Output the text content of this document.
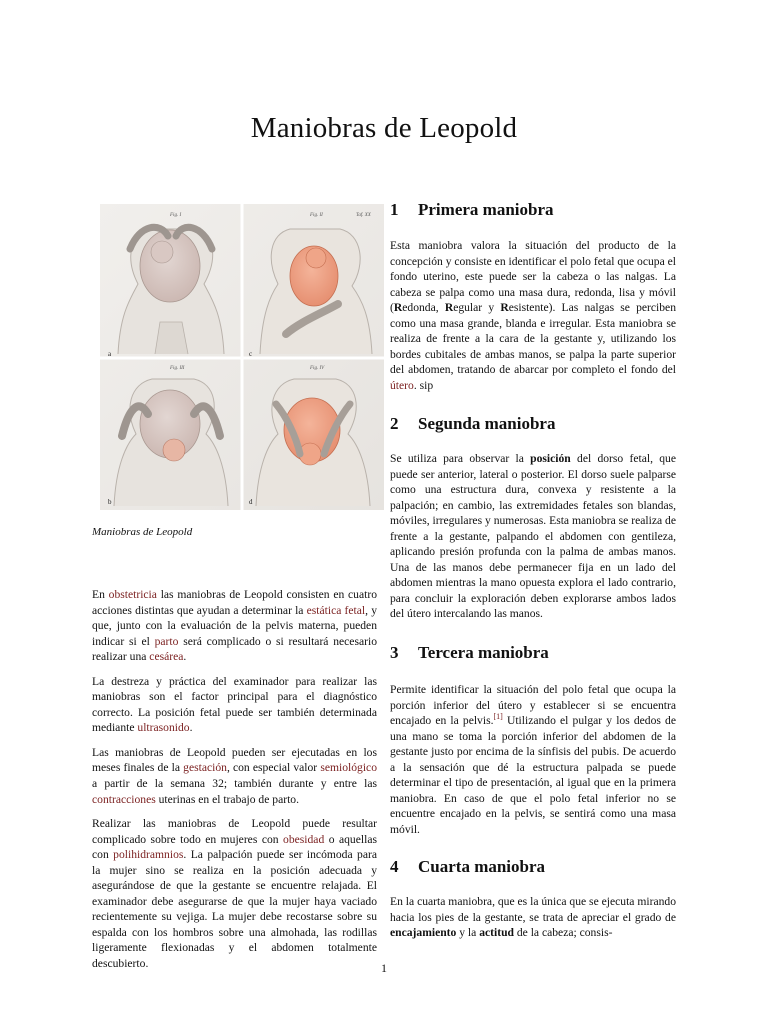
Maniobras de Leopold
a
Fig. I
c
Fig. II	Taf. XX
b
Fig. III
d
Fig. IV
Maniobras de Leopold

En obstetricia las maniobras de Leopold consisten en cuatro acciones distintas que ayudan a determinar la estática fetal, y que, junto con la evaluación de la pelvis materna, pueden indicar si el parto será complicado o si resultará necesario realizar una cesárea.

La destreza y práctica del examinador para realizar las maniobras son el factor principal para el diagnóstico correcto. La posición fetal puede ser también determinada mediante ultrasonido.

Las maniobras de Leopold pueden ser ejecutadas en los meses finales de la gestación, con especial valor semiológico a partir de la semana 32; también durante y entre las contracciones uterinas en el trabajo de parto.

Realizar las maniobras de Leopold puede resultar complicado sobre todo en mujeres con obesidad o aquellas con polihidramnios. La palpación puede ser incómoda para la mujer sino se realiza en la posición adecuada y asegurándose de que la gestante se encuentre relajada. El examinador debe asegurarse de que la mujer haya vaciado recientemente su vejiga. La mujer debe recostarse sobre su espalda con los hombros sobre una almohada, las rodillas ligeramente flexionadas y el abdomen totalmente descubierto.

1 Primera maniobra

Esta maniobra valora la situación del producto de la concepción y consiste en identificar el polo fetal que ocupa el fondo uterino, este puede ser la cabeza o las nalgas. La cabeza se palpa como una masa dura, redonda, lisa y móvil (Redonda, Regular y Resistente). Las nalgas se perciben como una masa grande, blanda e irregular. Esta maniobra se realiza de frente a la cara de la gestante y, utilizando los bordes cubitales de ambas manos, se palpa la parte superior del abdomen, tratando de abarcar por completo el fondo del útero. sip

2 Segunda maniobra

Se utiliza para observar la posición del dorso fetal, que puede ser anterior, lateral o posterior. El dorso suele palparse como una estructura dura, convexa y resistente a la palpación; en cambio, las extremidades fetales son blandas, móviles, irregulares y numerosas. Esta maniobra se realiza de frente a la gestante, palpando el abdomen con gentileza, aplicando presión profunda con la palma de ambas manos. Una de las manos debe permanecer fija en un lado del abdomen mientras la mano opuesta explora el lado contrario, para concluir la exploración deben explorarse ambos lados del útero intercalando las manos.

3 Tercera maniobra

Permite identificar la situación del polo fetal que ocupa la porción inferior del útero y establecer si se encuentra encajado en la pelvis.[1] Utilizando el pulgar y los dedos de una mano se toma la porción inferior del abdomen de la gestante justo por encima de la sínfisis del pubis. De acuerdo a la sensación que dé la estructura palpada se puede determinar el tipo de presentación, al igual que en la primera maniobra. En caso de que el polo fetal inferior no se encuentre encajado en la pelvis, se sentirá como una masa móvil.

4 Cuarta maniobra

En la cuarta maniobra, que es la única que se ejecuta mirando hacia los pies de la gestante, se trata de apreciar el grado de encajamiento y la actitud de la cabeza; consis-

1
